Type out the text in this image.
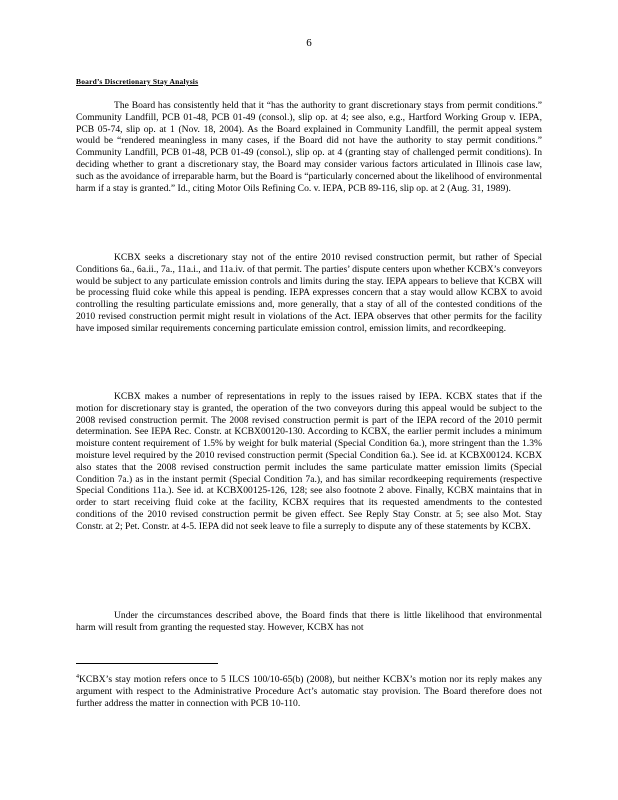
6
Board’s Discretionary Stay Analysis

The Board has consistently held that it “has the authority to grant discretionary stays from permit conditions.” Community Landfill, PCB 01-48, PCB 01-49 (consol.), slip op. at 4; see also, e.g., Hartford Working Group v. IEPA, PCB 05-74, slip op. at 1 (Nov. 18, 2004). As the Board explained in Community Landfill, the permit appeal system would be “rendered meaningless in many cases, if the Board did not have the authority to stay permit conditions.” Community Landfill, PCB 01-48, PCB 01-49 (consol.), slip op. at 4 (granting stay of challenged permit conditions). In deciding whether to grant a discretionary stay, the Board may consider various factors articulated in Illinois case law, such as the avoidance of irreparable harm, but the Board is “particularly concerned about the likelihood of environmental harm if a stay is granted.” Id., citing Motor Oils Refining Co. v. IEPA, PCB 89-116, slip op. at 2 (Aug. 31, 1989).

KCBX seeks a discretionary stay not of the entire 2010 revised construction permit, but rather of Special Conditions 6a., 6a.ii., 7a., 11a.i., and 11a.iv. of that permit. The parties’ dispute centers upon whether KCBX’s conveyors would be subject to any particulate emission controls and limits during the stay. IEPA appears to believe that KCBX will be processing fluid coke while this appeal is pending. IEPA expresses concern that a stay would allow KCBX to avoid controlling the resulting particulate emissions and, more generally, that a stay of all of the contested conditions of the 2010 revised construction permit might result in violations of the Act. IEPA observes that other permits for the facility have imposed similar requirements concerning particulate emission control, emission limits, and recordkeeping.

KCBX makes a number of representations in reply to the issues raised by IEPA. KCBX states that if the motion for discretionary stay is granted, the operation of the two conveyors during this appeal would be subject to the 2008 revised construction permit. The 2008 revised construction permit is part of the IEPA record of the 2010 permit determination. See IEPA Rec. Constr. at KCBX00120-130. According to KCBX, the earlier permit includes a minimum moisture content requirement of 1.5% by weight for bulk material (Special Condition 6a.), more stringent than the 1.3% moisture level required by the 2010 revised construction permit (Special Condition 6a.). See id. at KCBX00124. KCBX also states that the 2008 revised construction permit includes the same particulate matter emission limits (Special Condition 7a.) as in the instant permit (Special Condition 7a.), and has similar recordkeeping requirements (respective Special Conditions 11a.). See id. at KCBX00125-126, 128; see also footnote 2 above. Finally, KCBX maintains that in order to start receiving fluid coke at the facility, KCBX requires that its requested amendments to the contested conditions of the 2010 revised construction permit be given effect. See Reply Stay Constr. at 5; see also Mot. Stay Constr. at 2; Pet. Constr. at 4-5. IEPA did not seek leave to file a surreply to dispute any of these statements by KCBX.

Under the circumstances described above, the Board finds that there is little likelihood that environmental harm will result from granting the requested stay. However, KCBX has not

$^4$KCBX’s stay motion refers once to 5 ILCS 100/10-65(b) (2008), but neither KCBX’s motion nor its reply makes any argument with respect to the Administrative Procedure Act’s automatic stay provision. The Board therefore does not further address the matter in connection with PCB 10-110.
